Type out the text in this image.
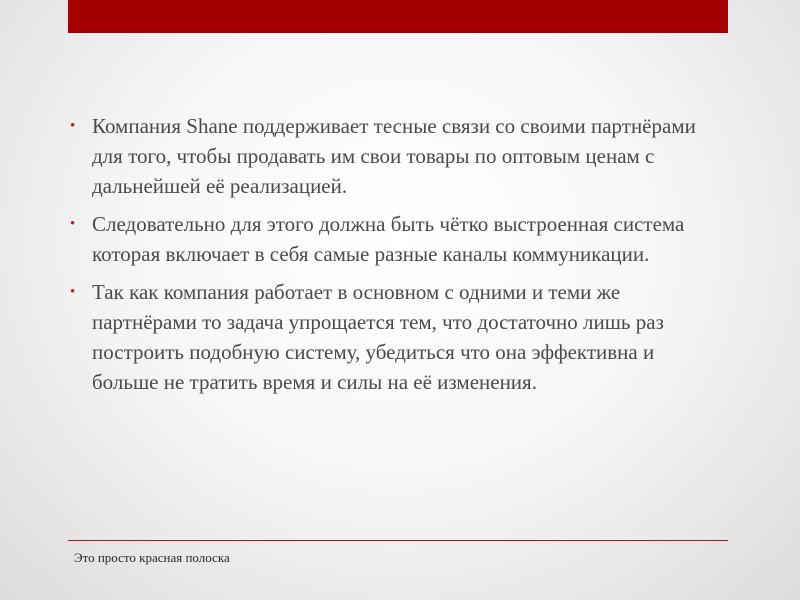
• Компания Shane поддерживает тесные связи со своими партнёрами для того, чтобы продавать им свои товары по оптовым ценам с дальнейшей её реализацией.
• Следовательно для этого должна быть чётко выстроенная система которая включает в себя самые разные каналы коммуникации.
• Так как компания работает в основном с одними и теми же партнёрами то задача упрощается тем, что достаточно лишь раз построить подобную систему, убедиться что она эффективна и больше не тратить время и силы на её изменения.
Это просто красная полоска
